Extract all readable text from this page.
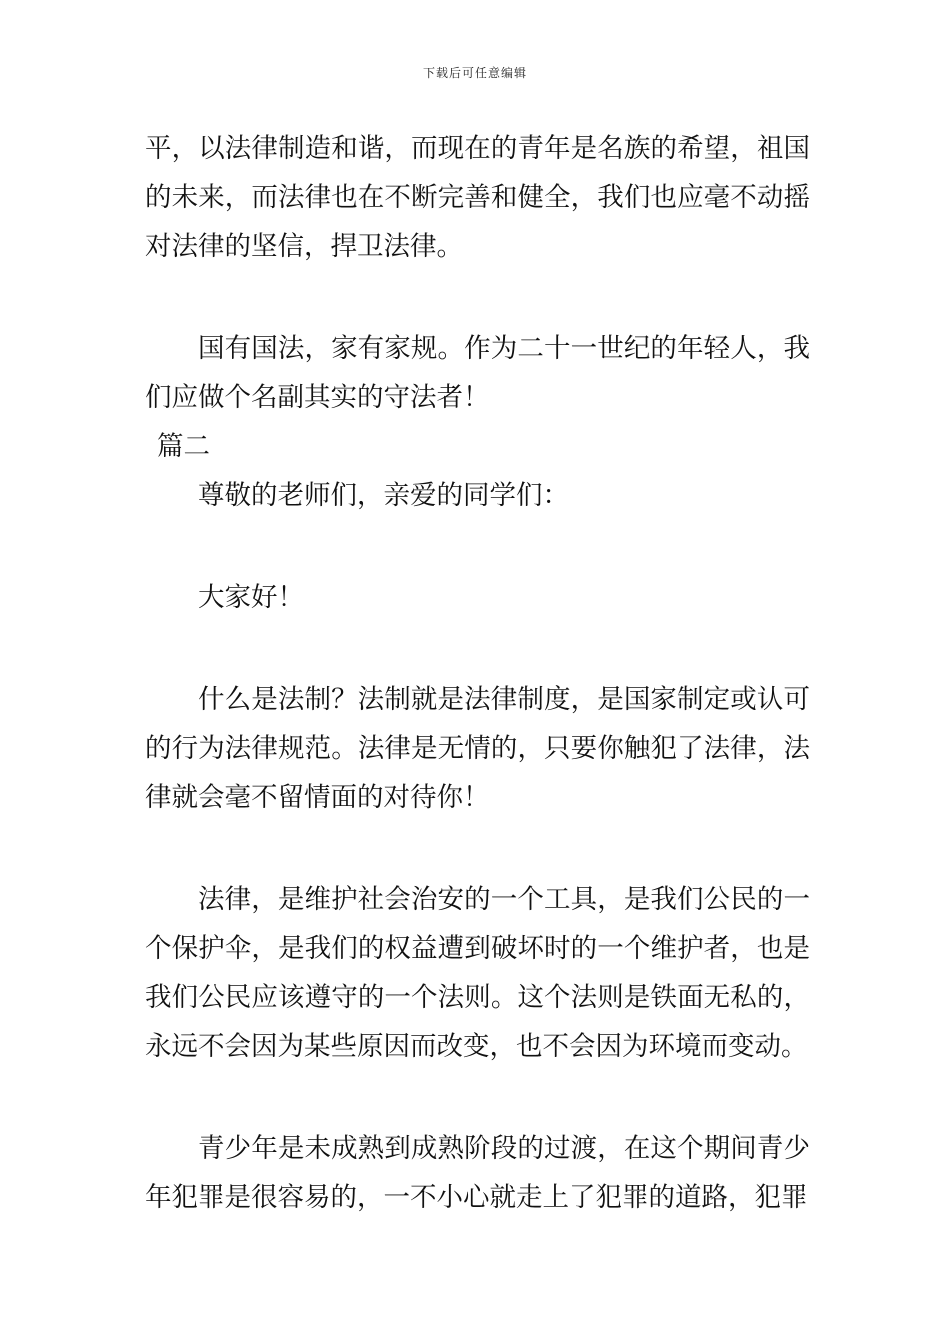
下载后可任意编辑

平，以法律制造和谐，而现在的青年是名族的希望，祖国的未来，而法律也在不断完善和健全，我们也应毫不动摇对法律的坚信，捍卫法律。

国有国法，家有家规。作为二十一世纪的年轻人，我们应做个名副其实的守法者！

篇二

尊敬的老师们，亲爱的同学们：

大家好！

什么是法制？法制就是法律制度，是国家制定或认可的行为法律规范。法律是无情的，只要你触犯了法律，法律就会毫不留情面的对待你！

法律，是维护社会治安的一个工具，是我们公民的一个保护伞，是我们的权益遭到破坏时的一个维护者，也是我们公民应该遵守的一个法则。这个法则是铁面无私的，永远不会因为某些原因而改变，也不会因为环境而变动。

青少年是未成熟到成熟阶段的过渡，在这个期间青少年犯罪是很容易的，一不小心就走上了犯罪的道路，犯罪
